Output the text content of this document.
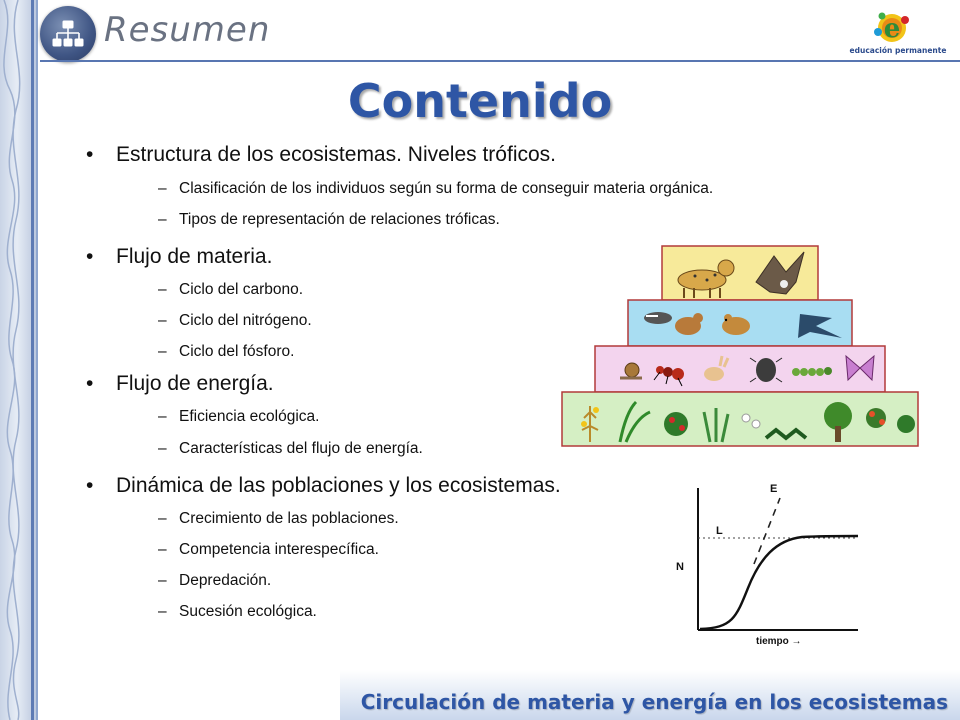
Resumen	e
educación permanente
Contenido
Estructura de los ecosistemas. Niveles tróficos.
– Clasificación de los individuos según su forma de conseguir materia orgánica.
– Tipos de representación de relaciones tróficas.
Flujo de materia.
– Ciclo del carbono.
– Ciclo del nitrógeno.
– Ciclo del fósforo.
Flujo de energía.
– Eficiencia ecológica.
– Características del flujo de energía.
Dinámica de las poblaciones y los ecosistemas.
– Crecimiento de las poblaciones.
– Competencia interespecífica.
– Depredación.
– Sucesión ecológica.
L
E
N
tiempo →
Circulación de materia y energía en los ecosistemas
